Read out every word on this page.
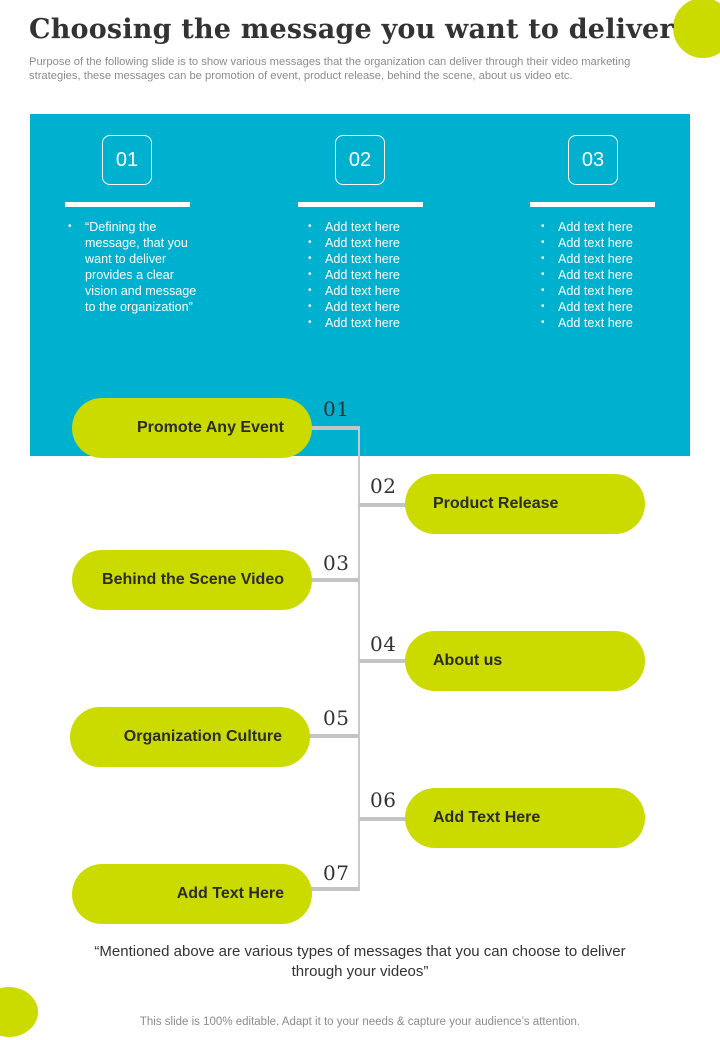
Choosing the message you want to deliver
Purpose of the following slide is to show various messages that the organization can deliver through their video marketing strategies, these messages can be promotion of event, product release, behind the scene, about us video etc.
01
• “Defining the message, that you want to deliver provides a clear vision and message to the organization”
02
• Add text here
• Add text here
• Add text here
• Add text here
• Add text here
• Add text here
• Add text here
03
• Add text here
• Add text here
• Add text here
• Add text here
• Add text here
• Add text here
• Add text here
01
02
03
04
05
06
07
Promote Any Event
Product Release
Behind the Scene Video
About us
Organization Culture
Add Text Here
Add Text Here
“Mentioned above are various types of messages that you can choose to deliver through your videos”
This slide is 100% editable. Adapt it to your needs & capture your audience’s attention.
